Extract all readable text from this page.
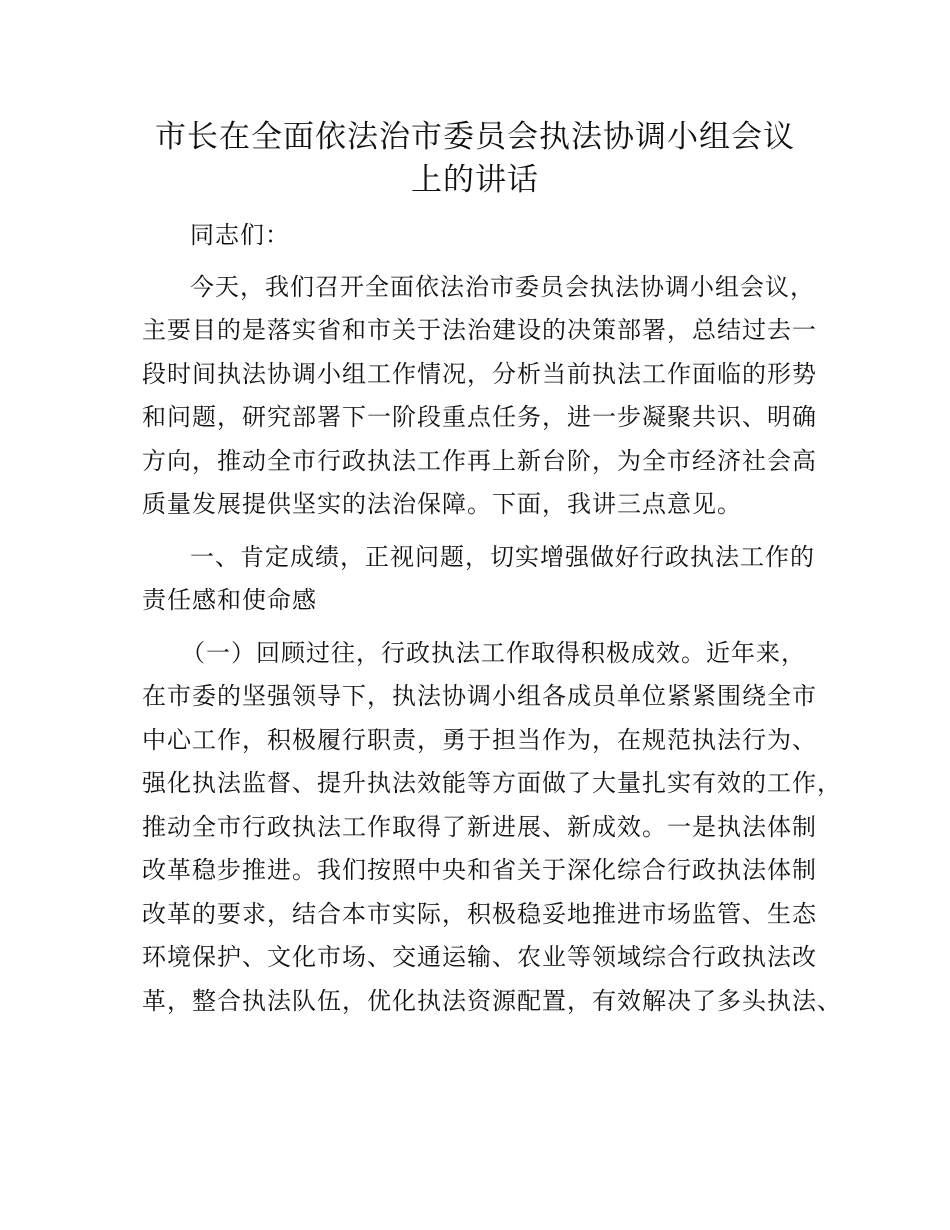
市长在全面依法治市委员会执法协调小组会议
上的讲话
同志们：
今天，我们召开全面依法治市委员会执法协调小组会议，
主要目的是落实省和市关于法治建设的决策部署，总结过去一
段时间执法协调小组工作情况，分析当前执法工作面临的形势
和问题，研究部署下一阶段重点任务，进一步凝聚共识、明确
方向，推动全市行政执法工作再上新台阶，为全市经济社会高
质量发展提供坚实的法治保障。下面，我讲三点意见。
一、肯定成绩，正视问题，切实增强做好行政执法工作的
责任感和使命感
（一）回顾过往，行政执法工作取得积极成效。近年来，
在市委的坚强领导下，执法协调小组各成员单位紧紧围绕全市
中心工作，积极履行职责，勇于担当作为，在规范执法行为、
强化执法监督、提升执法效能等方面做了大量扎实有效的工作，
推动全市行政执法工作取得了新进展、新成效。一是执法体制
改革稳步推进。我们按照中央和省关于深化综合行政执法体制
改革的要求，结合本市实际，积极稳妥地推进市场监管、生态
环境保护、文化市场、交通运输、农业等领域综合行政执法改
革，整合执法队伍，优化执法资源配置，有效解决了多头执法、
